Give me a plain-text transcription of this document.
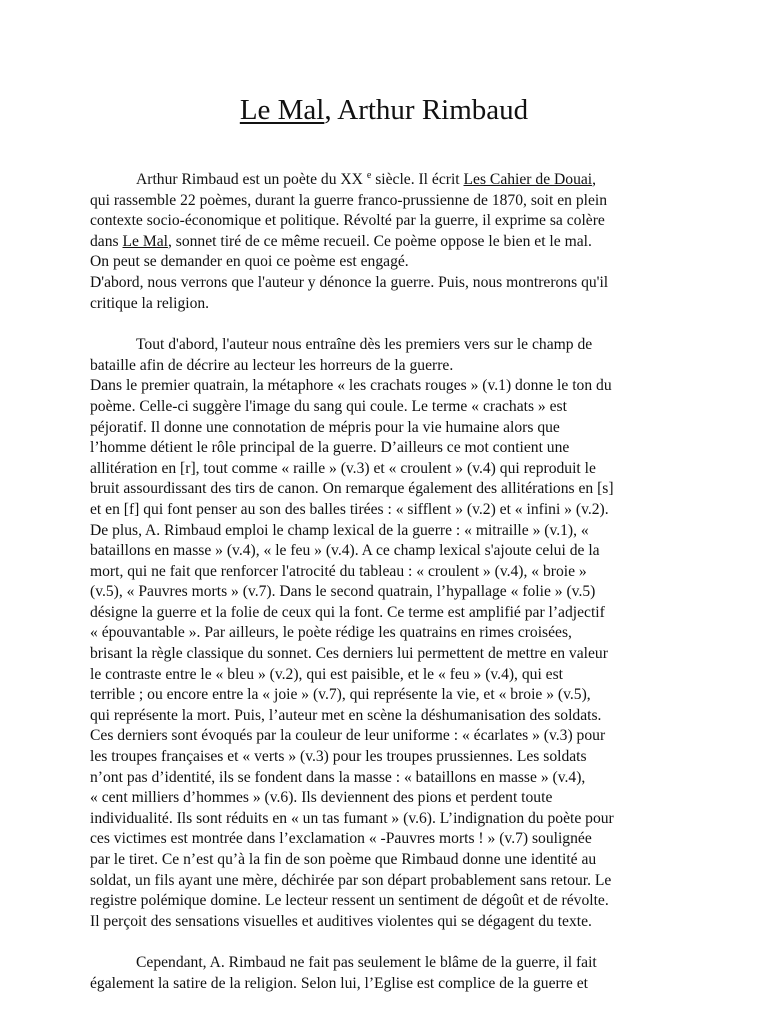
Le Mal, Arthur Rimbaud
Arthur Rimbaud est un poète du XX $^e$ siècle. Il écrit Les Cahier de Douai,
qui rassemble 22 poèmes, durant la guerre franco-prussienne de 1870, soit en plein
contexte socio-économique et politique. Révolté par la guerre, il exprime sa colère
dans Le Mal, sonnet tiré de ce même recueil. Ce poème oppose le bien et le mal.
On peut se demander en quoi ce poème est engagé.
D'abord, nous verrons que l'auteur y dénonce la guerre. Puis, nous montrerons qu'il
critique la religion.
Tout d'abord, l'auteur nous entraîne dès les premiers vers sur le champ de
bataille afin de décrire au lecteur les horreurs de la guerre.
Dans le premier quatrain, la métaphore « les crachats rouges » (v.1) donne le ton du
poème. Celle-ci suggère l'image du sang qui coule. Le terme « crachats » est
péjoratif. Il donne une connotation de mépris pour la vie humaine alors que
l’homme détient le rôle principal de la guerre. D’ailleurs ce mot contient une
allitération en [r], tout comme « raille » (v.3) et « croulent » (v.4) qui reproduit le
bruit assourdissant des tirs de canon. On remarque également des allitérations en [s]
et en [f] qui font penser au son des balles tirées : « sifflent » (v.2) et « infini » (v.2).
De plus, A. Rimbaud emploi le champ lexical de la guerre : « mitraille » (v.1), «
bataillons en masse » (v.4), « le feu » (v.4). A ce champ lexical s'ajoute celui de la
mort, qui ne fait que renforcer l'atrocité du tableau : « croulent » (v.4), « broie »
(v.5), « Pauvres morts » (v.7). Dans le second quatrain, l’hypallage « folie » (v.5)
désigne la guerre et la folie de ceux qui la font. Ce terme est amplifié par l’adjectif
« épouvantable ». Par ailleurs, le poète rédige les quatrains en rimes croisées,
brisant la règle classique du sonnet. Ces derniers lui permettent de mettre en valeur
le contraste entre le « bleu » (v.2), qui est paisible, et le « feu » (v.4), qui est
terrible ; ou encore entre la « joie » (v.7), qui représente la vie, et « broie » (v.5),
qui représente la mort. Puis, l’auteur met en scène la déshumanisation des soldats.
Ces derniers sont évoqués par la couleur de leur uniforme : « écarlates » (v.3) pour
les troupes françaises et « verts » (v.3) pour les troupes prussiennes. Les soldats
n’ont pas d’identité, ils se fondent dans la masse : « bataillons en masse » (v.4),
« cent milliers d’hommes » (v.6). Ils deviennent des pions et perdent toute
individualité. Ils sont réduits en « un tas fumant » (v.6). L’indignation du poète pour
ces victimes est montrée dans l’exclamation « -Pauvres morts ! » (v.7) soulignée
par le tiret. Ce n’est qu’à la fin de son poème que Rimbaud donne une identité au
soldat, un fils ayant une mère, déchirée par son départ probablement sans retour. Le
registre polémique domine. Le lecteur ressent un sentiment de dégoût et de révolte.
Il perçoit des sensations visuelles et auditives violentes qui se dégagent du texte.
Cependant, A. Rimbaud ne fait pas seulement le blâme de la guerre, il fait
également la satire de la religion. Selon lui, l’Eglise est complice de la guerre et
